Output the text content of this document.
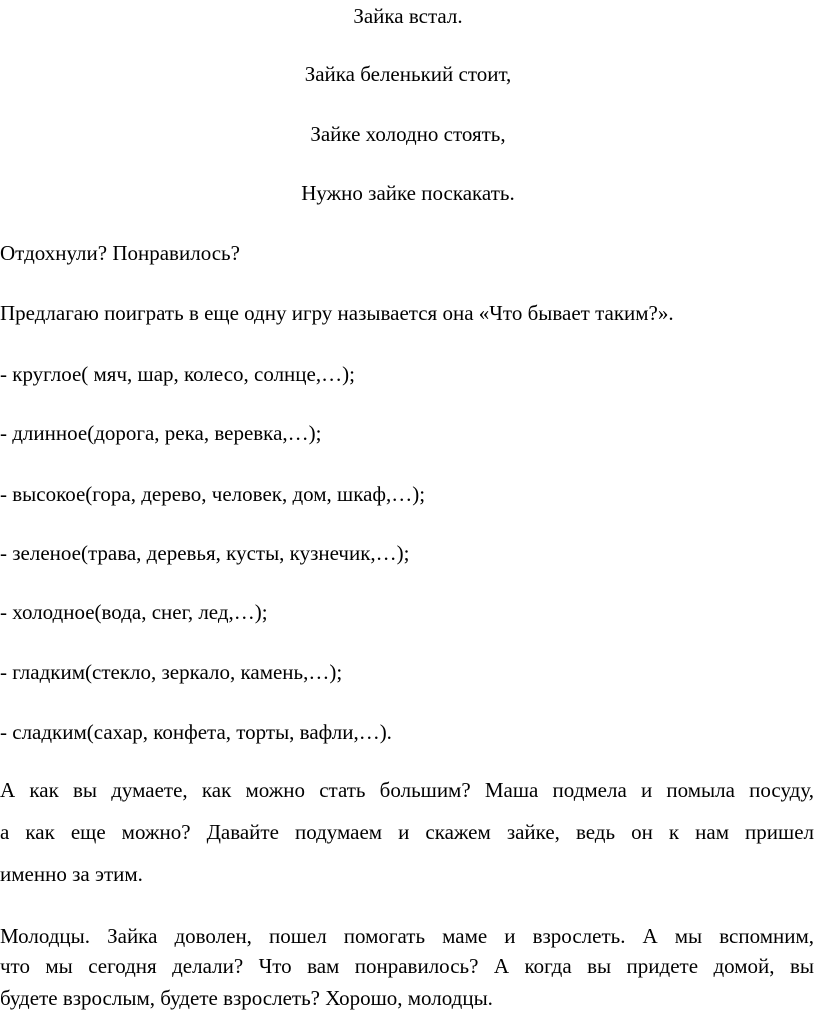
Зайка встал.
Зайка беленький стоит,
Зайке холодно стоять,
Нужно зайке поскакать.
Отдохнули? Понравилось?
Предлагаю поиграть в еще одну игру называется она «Что бывает таким?».
- круглое( мяч, шар, колесо, солнце,…);
- длинное(дорога, река, веревка,…);
- высокое(гора, дерево, человек, дом, шкаф,…);
- зеленое(трава, деревья, кусты, кузнечик,…);
- холодное(вода, снег, лед,…);
- гладким(стекло, зеркало, камень,…);
- сладким(сахар, конфета, торты, вафли,…).
А как вы думаете, как можно стать большим? Маша подмела и помыла посуду,
а как еще можно? Давайте подумаем и скажем зайке, ведь он к нам пришел
именно за этим.
Молодцы. Зайка доволен, пошел помогать маме и взрослеть. А мы вспомним,
что мы сегодня делали? Что вам понравилось? А когда вы придете домой, вы
будете взрослым, будете взрослеть? Хорошо, молодцы.
